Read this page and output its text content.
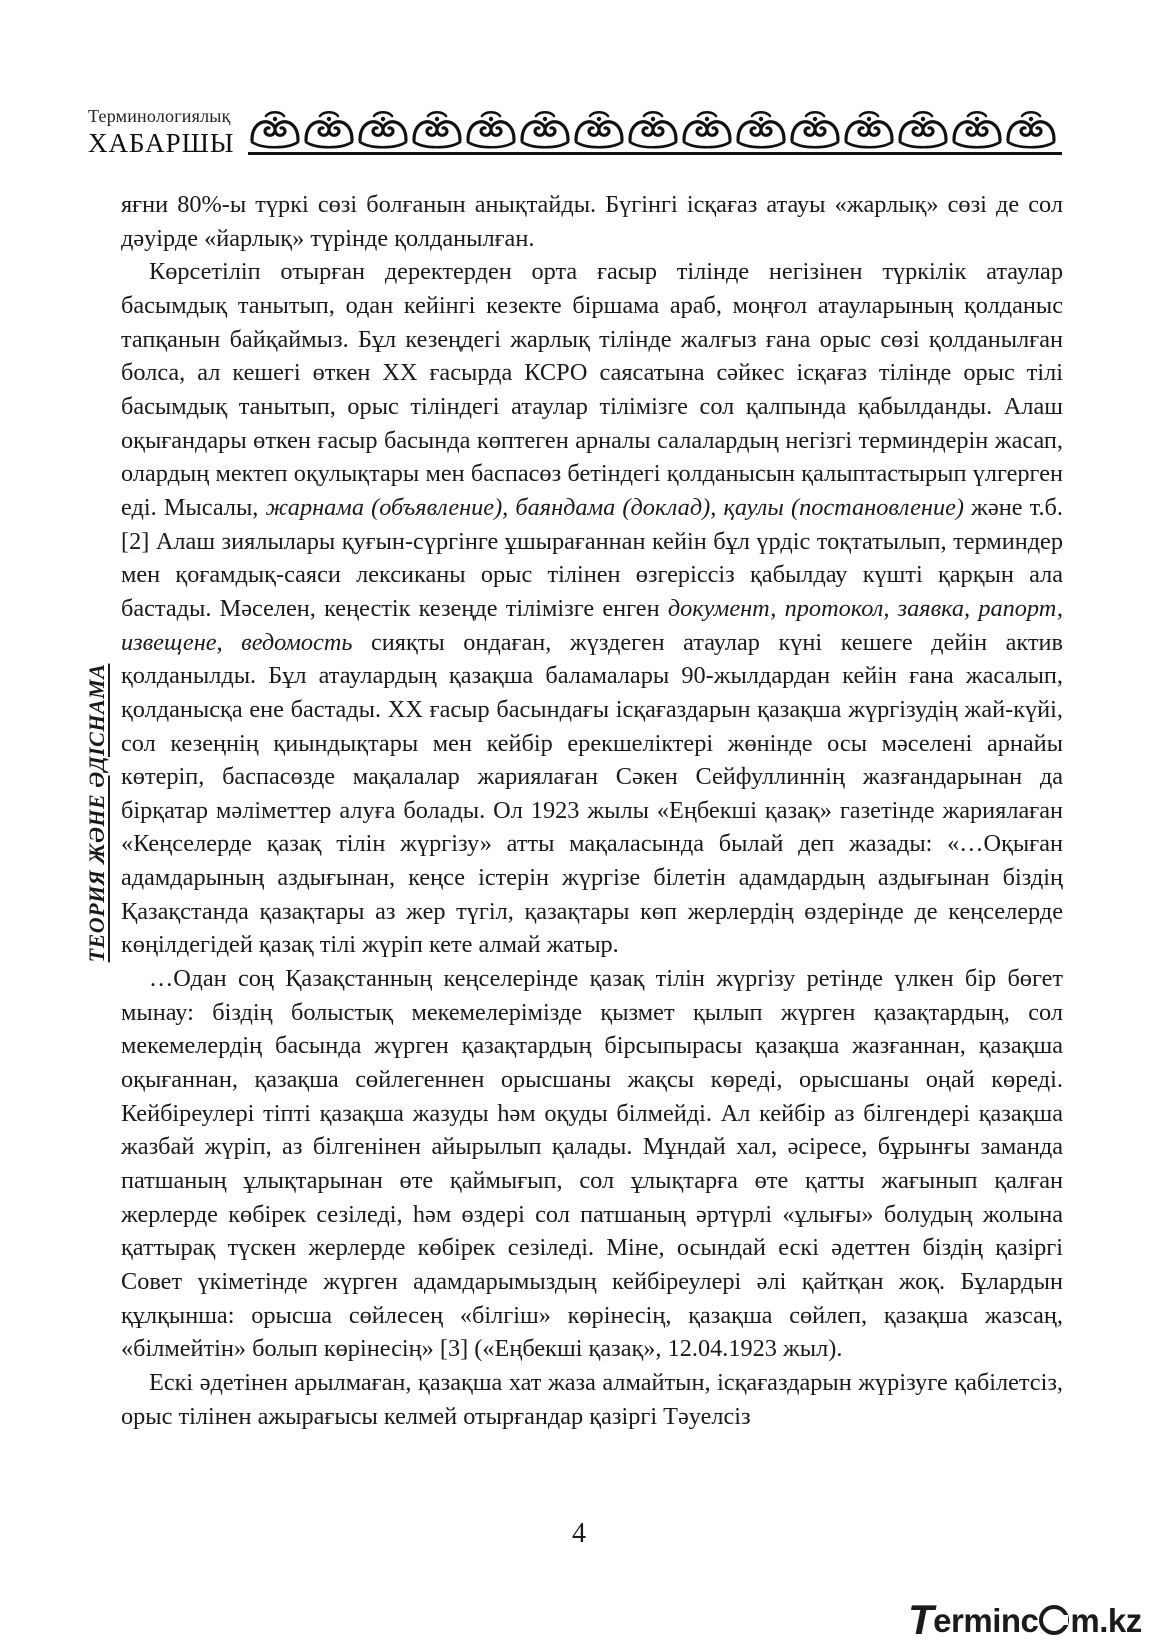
Терминологиялық
ХАБАРШЫ
ТЕОРИЯ ЖӘНЕ ӘДІСНАМА

яғни 80%-ы түркі сөзі болғанын анықтайды. Бүгінгі ісқағаз атауы «жарлық» сөзі де сол дәуірде «йарлық» түрінде қолданылған.

Көрсетіліп отырған деректерден орта ғасыр тілінде негізінен түркілік атаулар басымдық танытып, одан кейінгі кезекте біршама араб, моңғол атауларының қолданыс тапқанын байқаймыз. Бұл кезеңдегі жарлық тілінде жалғыз ғана орыс сөзі қолданылған болса, ал кешегі өткен ХХ ғасырда КСРО саясатына сәйкес ісқағаз тілінде орыс тілі басымдық танытып, орыс тіліндегі атаулар тілімізге сол қалпында қабылданды. Алаш оқығандары өткен ғасыр басында көптеген арналы салалардың негізгі терминдерін жасап, олардың мектеп оқулықтары мен баспасөз бетіндегі қолданысын қалыптастырып үлгерген еді. Мысалы, жарнама (объявление), баяндама (доклад), қаулы (постановление) және т.б.[2] Алаш зиялылары қуғын-сүргінге ұшырағаннан кейін бұл үрдіс тоқтатылып, терминдер мен қоғамдық-саяси лексиканы орыс тілінен өзгеріссіз қабылдау күшті қарқын ала бастады. Мәселен, кеңестік кезеңде тілімізге енген документ, протокол, заявка, рапорт, извещене, ведомость сияқты ондаған, жүздеген атаулар күні кешеге дейін актив қолданылды. Бұл атаулардың қазақша баламалары 90-жылдардан кейін ғана жасалып, қолданысқа ене бастады. ХХ ғасыр басындағы ісқағаздарын қазақша жүргізудің жай-күйі, сол кезеңнің қиындықтары мен кейбір ерекшеліктері жөнінде осы мәселені арнайы көтеріп, баспасөзде мақалалар жариялаған Сәкен Сейфуллиннің жазғандарынан да бірқатар мәліметтер алуға болады. Ол 1923 жылы «Еңбекші қазақ» газетінде жариялаған «Кеңселерде қазақ тілін жүргізу» атты мақаласында былай деп жазады: «…Оқыған адамдарының аздығынан, кеңсе істерін жүргізе білетін адамдардың аздығынан біздің Қазақстанда қазақтары аз жер түгіл, қазақтары көп жерлердің өздерінде де кеңселерде көңілдегідей қазақ тілі жүріп кете алмай жатыр.

…Одан соң Қазақстанның кеңселерінде қазақ тілін жүргізу ретінде үлкен бір бөгет мынау: біздің болыстық мекемелерімізде қызмет қылып жүрген қазақтардың, сол мекемелердің басында жүрген қазақтардың бірсыпырасы қазақша жазғаннан, қазақша оқығаннан, қазақша сөйлегеннен орысшаны жақсы көреді, орысшаны оңай көреді. Кейбіреулері тіпті қазақша жазуды һәм оқуды білмейді. Ал кейбір аз білгендері қазақша жазбай жүріп, аз білгенінен айырылып қалады. Мұндай хал, әсіресе, бұрынғы заманда патшаның ұлықтарынан өте қаймығып, сол ұлықтарға өте қатты жағынып қалған жерлерде көбірек сезіледі, һәм өздері сол патшаның әртүрлі «ұлығы» болудың жолына қаттырақ түскен жерлерде көбірек сезіледі. Міне, осындай ескі әдеттен біздің қазіргі Совет үкіметінде жүрген адамдарымыздың кейбіреулері әлі қайтқан жоқ. Бұлардын құлқынша: орысша сөйлесең «білгіш» көрінесің, қазақша сөйлеп, қазақша жазсаң, «білмейтін» болып көрінесің» [3] («Еңбекші қазақ», 12.04.1923 жыл).

Ескі әдетінен арылмаған, қазақша хат жаза алмайтын, ісқағаздарын жүрізуге қабілетсіз, орыс тілінен ажырағысы келмей отырғандар қазіргі Тәуелсіз

4
Terminc m.kz
